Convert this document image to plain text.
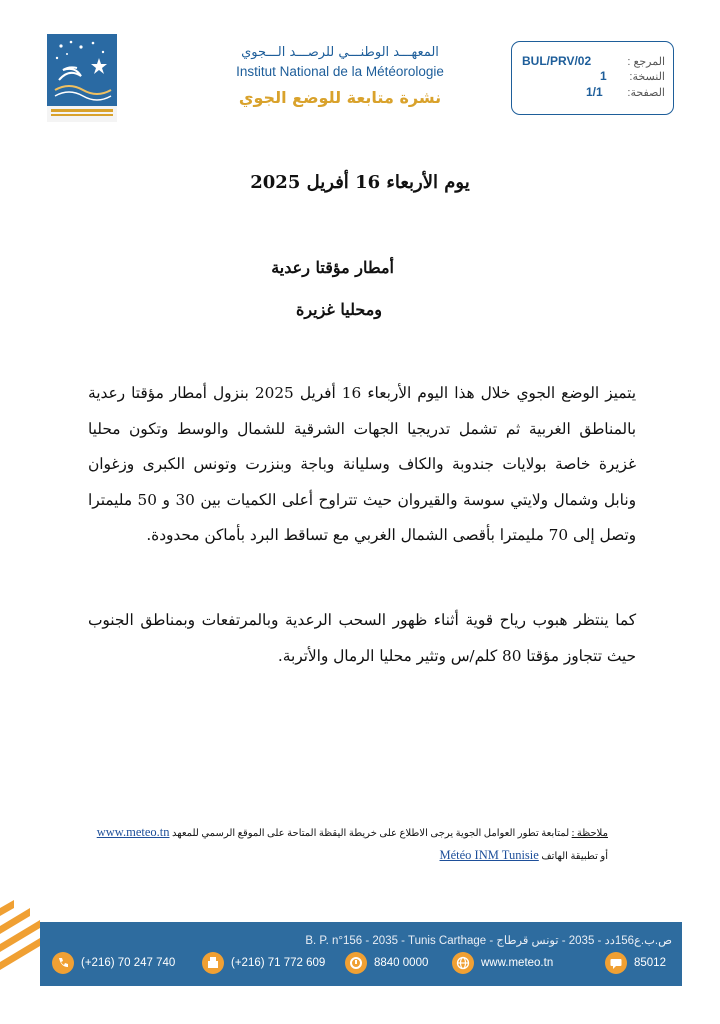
المعهـــد الوطنـــي للرصـــد الـــجوي
Institut National de la Météorologie
نشرة متابعة للوضع الجوي
المرجع :
BUL/PRV/02
النسخة:
1
الصفحة:
1/1
يوم الأربعاء 16 أفريل 2025
أمطار مؤقتا رعدية
ومحليا غزيرة
يتميز الوضع الجوي خلال هذا اليوم الأربعاء 16 أفريل 2025 بنزول أمطار مؤقتا رعدية بالمناطق الغربية ثم تشمل تدريجيا الجهات الشرقية للشمال والوسط وتكون محليا غزيرة خاصة بولايات جندوبة والكاف وسليانة وباجة وبنزرت وتونس الكبرى وزغوان ونابل وشمال ولايتي سوسة والقيروان حيث تتراوح أعلى الكميات بين 30 و 50 مليمترا وتصل إلى 70 مليمترا بأقصى الشمال الغربي مع تساقط البرد بأماكن محدودة.
كما ينتظر هبوب رياح قوية أثناء ظهور السحب الرعدية وبالمرتفعات وبمناطق الجنوب حيث تتجاوز مؤقتا 80 كلم/س وتثير محليا الرمال والأتربة.
ملاحظة : لمتابعة تطور العوامل الجوية يرجى الاطلاع على خريطة اليقظة المتاحة على الموقع الرسمي للمعهد www.meteo.tn
أو تطبيقة الهاتف Météo INM Tunisie
B. P. n°156 - 2035 - Tunis Carthage - ص.ب.ع156دد - 2035 - تونس قرطاج
(+216) 70 247 740	(+216) 71 772 609	8840 0000	www.meteo.tn	85012
